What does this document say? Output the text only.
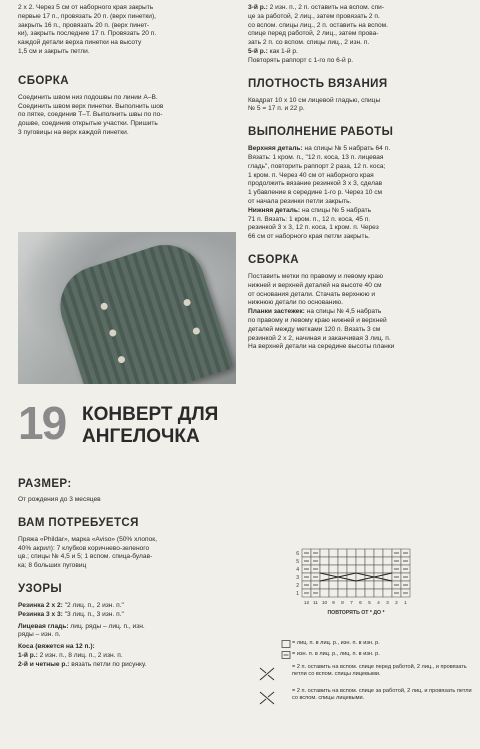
2 x 2. Через 5 см от наборного края закрыть

первые 17 п., провязать 20 п. (верх пинетки),

закрыть 16 п., провязать 20 п. (верх пинет-

ки), закрыть последние 17 п. Провязать 20 п.

каждой детали верха пинетки на высоту

1,5 см и закрыть петли.

СБОРКА

Соединить швом низ подошвы по линии А–В.

Соединить швом верх пинетки. Выполнить шов

по пятке, соединив Т–Т. Выполнить швы по по-

дошве, соединив открытые участки. Пришить

3 пуговицы на верх каждой пинетки.

19 КОНВЕРТ ДЛЯ
АНГЕЛОЧКА

РАЗМЕР:

От рождения до 3 месяцев

ВАМ ПОТРЕБУЕТСЯ

Пряжа «Phildar», марка «Aviso» (50% хлопок,

40% акрил): 7 клубков коричнево-зеленого

цв.; спицы № 4,5 и 5; 1 вспом. спица-булав-

ка; 8 больших пуговиц

УЗОРЫ

Резинка 2 х 2: "2 лиц. п., 2 изн. п."

Резинка 3 х 3: "3 лиц. п., 3 изн. п."

Лицевая гладь: лиц. ряды – лиц. п., изн.

ряды – изн. п.

Коса (вяжется на 12 п.):

1-й р.: 2 изн. п., 8 лиц. п., 2 изн. п.

2-й и четные р.: вязать петли по рисунку.

3-й р.: 2 изн. п., 2 п. оставить на вспом. спи-

це за работой, 2 лиц., затем провязать 2 п.

со вспом. спицы лиц., 2 п. оставить на вспом.

спице перед работой, 2 лиц., затем прова-

зать 2 п. со вспом. спицы лиц., 2 изн. п.

5-й р.: как 1-й р.

Повторять раппорт с 1-го по 6-й р.

ПЛОТНОСТЬ ВЯЗАНИЯ

Квадрат 10 х 10 см лицевой гладью, спицы

№ 5 = 17 п. и 22 р.

ВЫПОЛНЕНИЕ РАБОТЫ

Верхняя деталь: на спицы № 5 набрать 64 п.

Вязать: 1 кром. п., "12 п. коса, 13 п. лицевая

гладь", повторить раппорт 2 раза, 12 п. коса;

1 кром. п. Через 40 см от наборного края

продолжить вязание резинкой 3 х 3, сделав

1 убавление в середине 1-го р. Через 10 см

от начала резинки петли закрыть.

Нижняя деталь: на спицы № 5 набрать

71 п. Вязать: 1 кром. п., 12 п. коса, 45 п.

резинкой 3 х 3, 12 п. коса, 1 кром. п. Через

66 см от наборного края петли закрыть.

СБОРКА

Поставить метки по правому и левому краю

нижней и верхней деталей на высоте 40 см

от основания детали. Стачать верхнюю и

нижнюю детали по основанию.

Планки застежек: на спицы № 4,5 набрать

по правому и левому краю нижней и верхней

деталей между метками 120 п. Вязать 3 см

резинкой 2 х 2, начиная и заканчивая 3 лиц. п.

На верхней детали на середине высоты планки

6
5
4
3
2
1
12 11 10 9 8 7 6 5 4 3 2 1
ПОВТОРЯТЬ ОТ * ДО *
= лиц. п. в лиц. р., изн. п. в изн. р.
= изн. п. в лиц. р., лиц. п. в изн. р.
= 2 п. оставить на вспом. спице перед работой, 2 лиц., и провязать петли со вспом. спицы лицевыми.
= 2 п. оставить на вспом. спице за работой, 2 лиц. и провязать петли со вспом. спицы лицевыми.
